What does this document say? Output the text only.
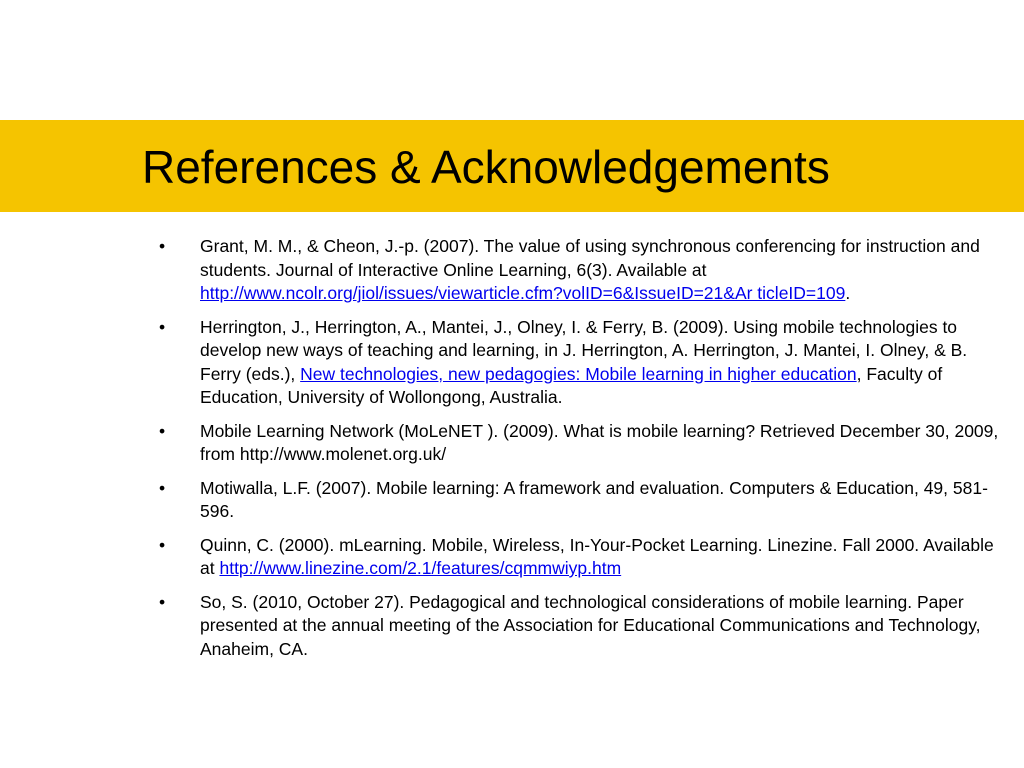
References & Acknowledgements
• Grant, M. M., & Cheon, J.-p. (2007). The value of using synchronous conferencing for instruction and students. Journal of Interactive Online Learning, 6(3). Available at http://www.ncolr.org/jiol/issues/viewarticle.cfm?volID=6&IssueID=21&Ar ticleID=109.
• Herrington, J., Herrington, A., Mantei, J., Olney, I. & Ferry, B. (2009). Using mobile technologies to develop new ways of teaching and learning, in J. Herrington, A. Herrington, J. Mantei, I. Olney, & B. Ferry (eds.), New technologies, new pedagogies: Mobile learning in higher education, Faculty of Education, University of Wollongong, Australia.
• Mobile Learning Network (MoLeNET ). (2009). What is mobile learning? Retrieved December 30, 2009, from http://www.molenet.org.uk/
• Motiwalla, L.F. (2007). Mobile learning: A framework and evaluation. Computers & Education, 49, 581-596.
• Quinn, C. (2000). mLearning. Mobile, Wireless, In-Your-Pocket Learning. Linezine. Fall 2000. Available at http://www.linezine.com/2.1/features/cqmmwiyp.htm
• So, S. (2010, October 27). Pedagogical and technological considerations of mobile learning. Paper presented at the annual meeting of the Association for Educational Communications and Technology, Anaheim, CA.
